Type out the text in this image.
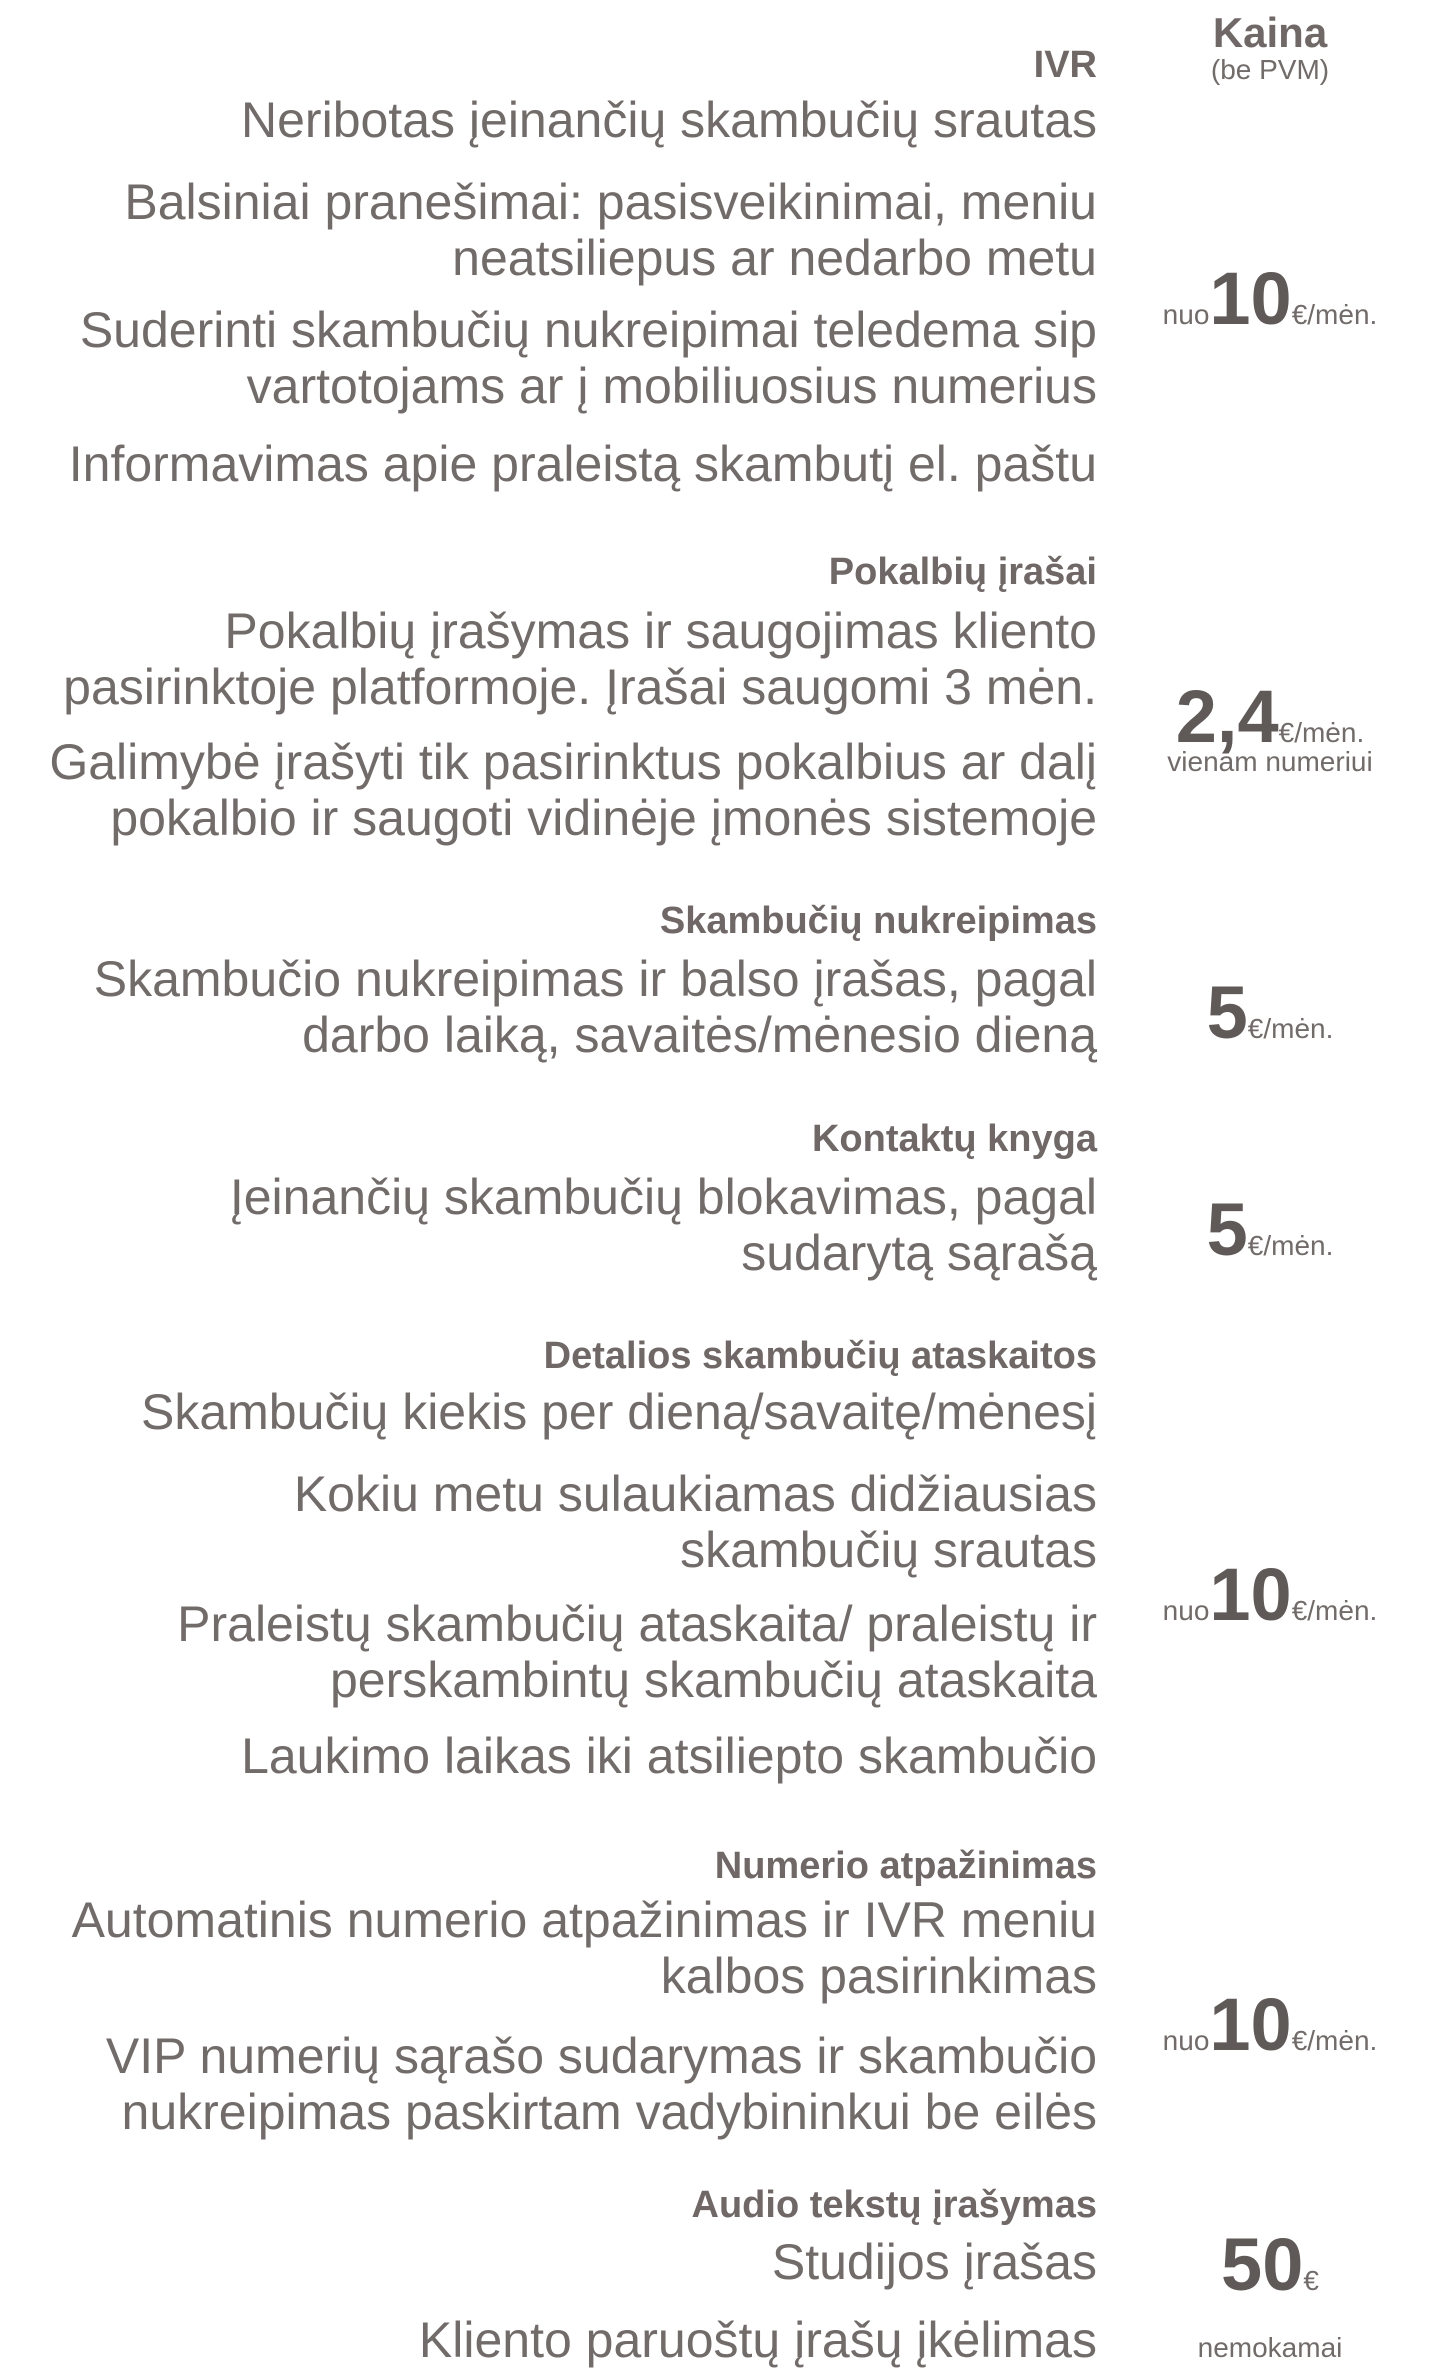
Kaina
(be PVM)
IVR
Neribotas įeinančių skambučių srautas
Balsiniai pranešimai: pasisveikinimai, meniu
neatsiliepus ar nedarbo metu
Suderinti skambučių nukreipimai teledema sip
vartotojams ar į mobiliuosius numerius
Informavimas apie praleistą skambutį el. paštu
nuo10€/mėn.
Pokalbių įrašai
Pokalbių įrašymas ir saugojimas kliento
pasirinktoje platformoje. Įrašai saugomi 3 mėn.
Galimybė įrašyti tik pasirinktus pokalbius ar dalį
pokalbio ir saugoti vidinėje įmonės sistemoje
2,4€/mėn.
vienam numeriui
Skambučių nukreipimas
Skambučio nukreipimas ir balso įrašas, pagal
darbo laiką, savaitės/mėnesio dieną	5€/mėn.
Kontaktų knyga
Įeinančių skambučių blokavimas, pagal
sudarytą sąrašą	5€/mėn.
Detalios skambučių ataskaitos
Skambučių kiekis per dieną/savaitę/mėnesį
Kokiu metu sulaukiamas didžiausias
skambučių srautas
Praleistų skambučių ataskaita/ praleistų ir
perskambintų skambučių ataskaita
Laukimo laikas iki atsiliepto skambučio
nuo10€/mėn.
Numerio atpažinimas
Automatinis numerio atpažinimas ir IVR meniu
kalbos pasirinkimas
VIP numerių sąrašo sudarymas ir skambučio
nukreipimas paskirtam vadybininkui be eilės
nuo10€/mėn.
Audio tekstų įrašymas
Studijos įrašas
Kliento paruoštų įrašų įkėlimas
50€
nemokamai
